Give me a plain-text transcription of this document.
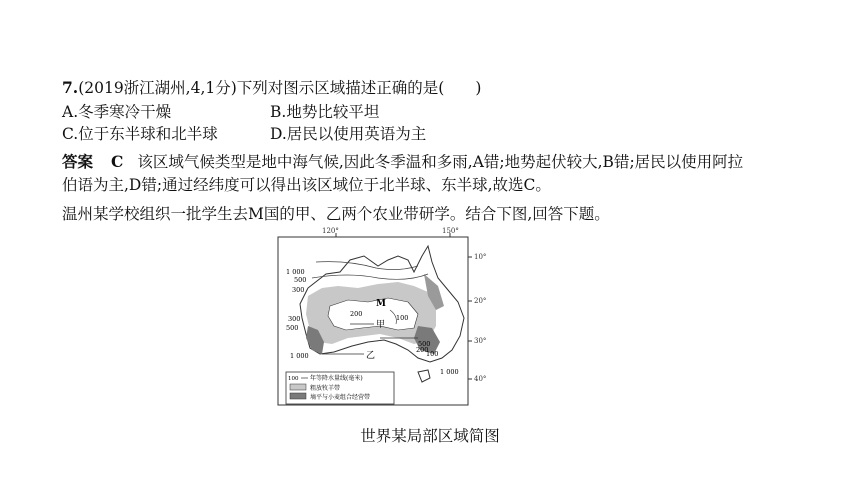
7.(2019浙江湖州,4,1分)下列对图示区域描述正确的是(　　)
A.冬季寒冷干燥	B.地势比较平坦
C.位于东半球和北半球	D.居民以使用英语为主
答案 C 该区域气候类型是地中海气候,因此冬季温和多雨,A错;地势起伏较大,B错;居民以使用阿拉
伯语为主,D错;通过经纬度可以得出该区域位于北半球、东半球,故选C。
温州某学校组织一批学生去M国的甲、乙两个农业带研学。结合下图,回答下题。
120°	150°
10°
20°
30°
40°
1 000
500
300
200	100
300
500
1 000
200
100
500
1 000
M
甲
乙
100 年等降水量线(毫米)
粗放牧羊带
墒平与小麦组合经营带
世界某局部区域简图
